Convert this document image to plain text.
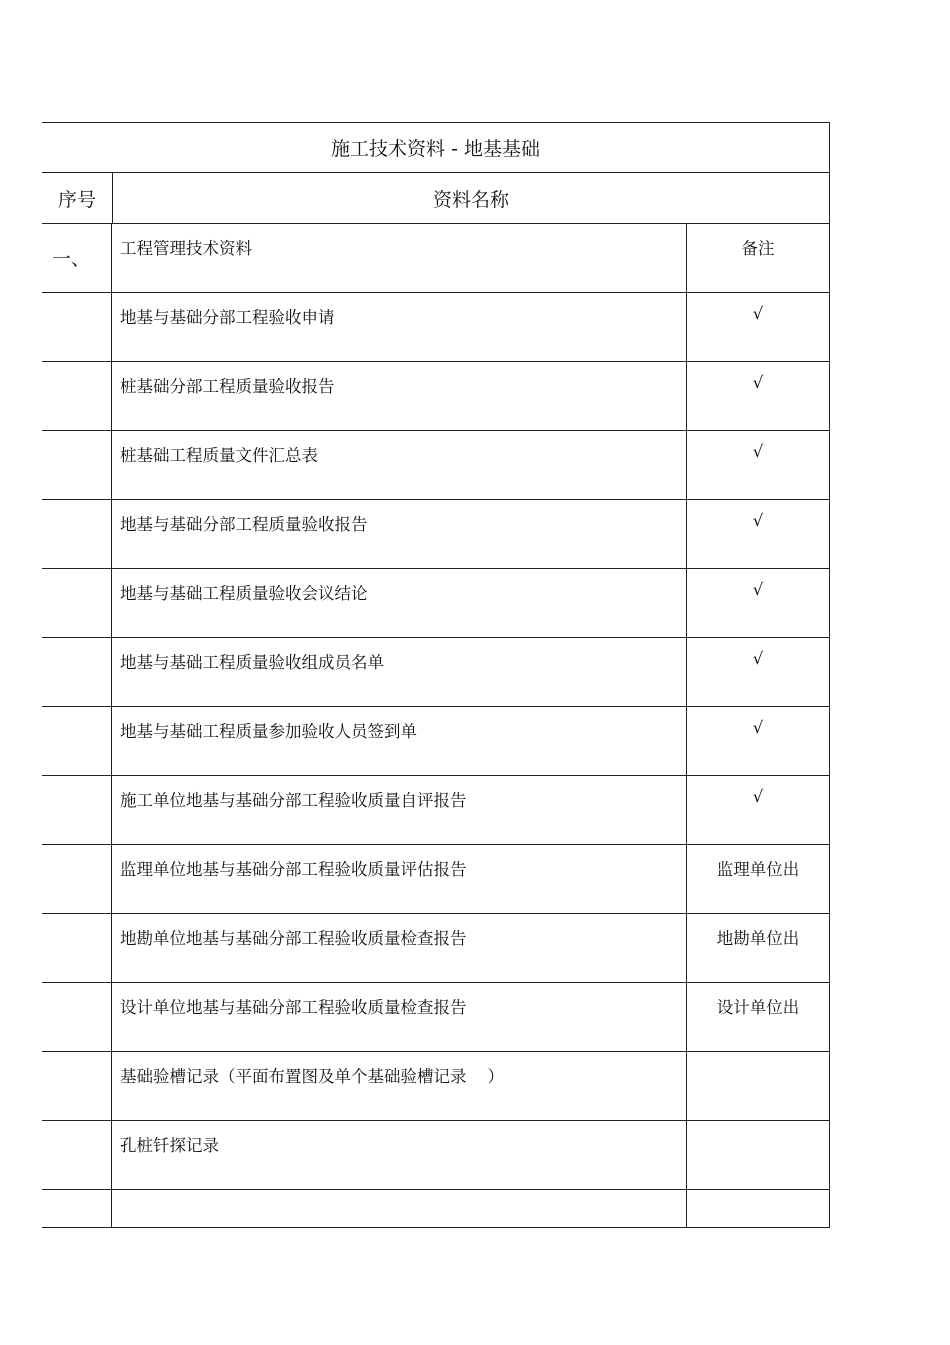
施工技术资料 - 地基基础
序号	资料名称
一、	工程管理技术资料	备注
地基与基础分部工程验收申请	√
桩基础分部工程质量验收报告	√
桩基础工程质量文件汇总表	√
地基与基础分部工程质量验收报告	√
地基与基础工程质量验收会议结论	√
地基与基础工程质量验收组成员名单	√
地基与基础工程质量参加验收人员签到单	√
施工单位地基与基础分部工程验收质量自评报告	√
监理单位地基与基础分部工程验收质量评估报告	监理单位出
地勘单位地基与基础分部工程验收质量检查报告	地勘单位出
设计单位地基与基础分部工程验收质量检查报告	设计单位出
基础验槽记录（平面布置图及单个基础验槽记录    ）
孔桩钎探记录
